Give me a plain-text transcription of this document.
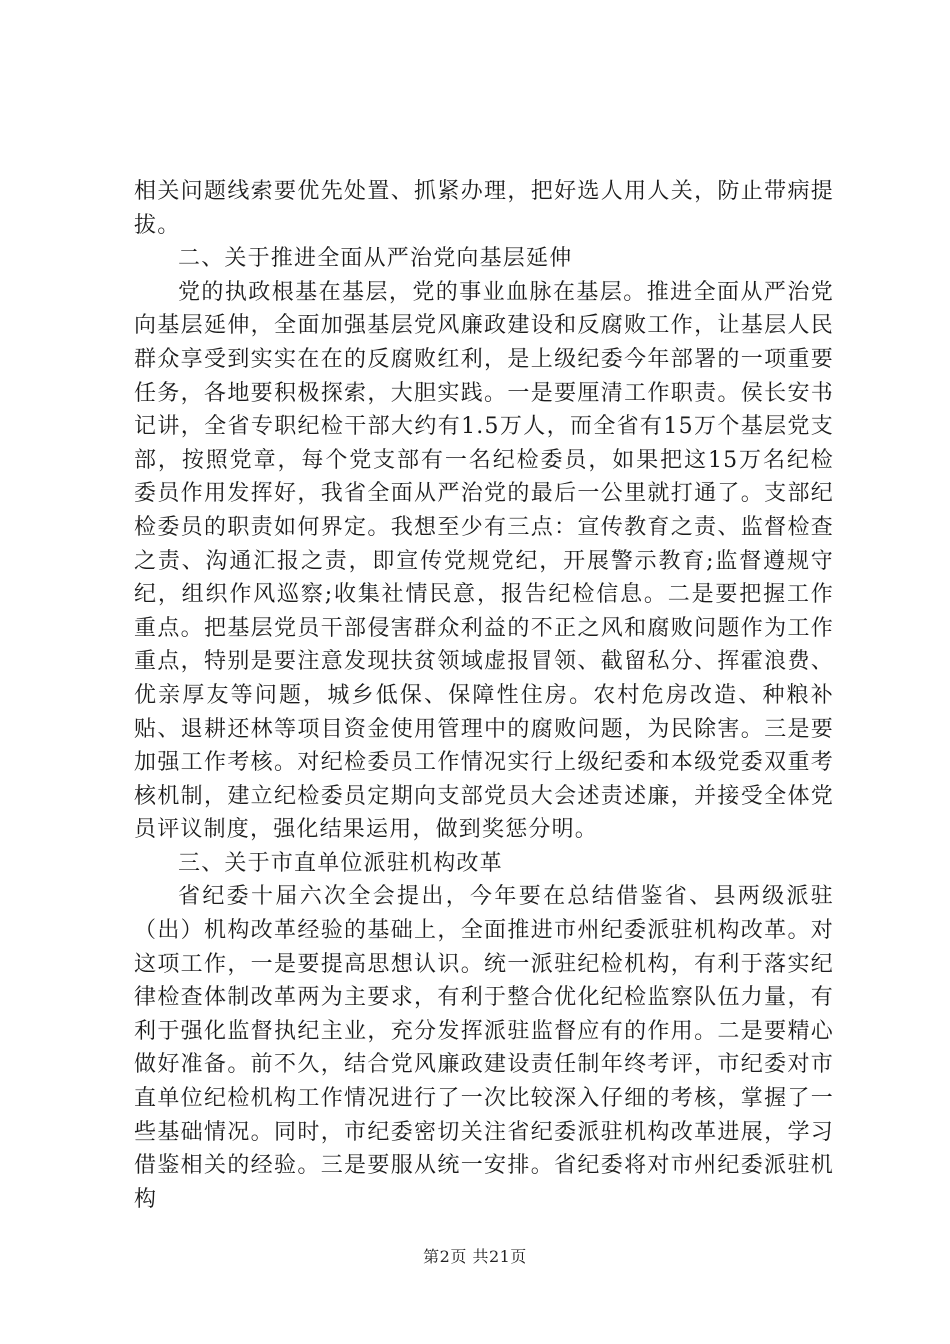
相关问题线索要优先处置、抓紧办理，把好选人用人关，防止带病提拔。

二、关于推进全面从严治党向基层延伸

党的执政根基在基层，党的事业血脉在基层。推进全面从严治党向基层延伸，全面加强基层党风廉政建设和反腐败工作，让基层人民群众享受到实实在在的反腐败红利，是上级纪委今年部署的一项重要任务，各地要积极探索，大胆实践。一是要厘清工作职责。侯长安书记讲，全省专职纪检干部大约有1.5万人，而全省有15万个基层党支部，按照党章，每个党支部有一名纪检委员，如果把这15万名纪检委员作用发挥好，我省全面从严治党的最后一公里就打通了。支部纪检委员的职责如何界定。我想至少有三点：宣传教育之责、监督检查之责、沟通汇报之责，即宣传党规党纪，开展警示教育;监督遵规守纪，组织作风巡察;收集社情民意，报告纪检信息。二是要把握工作重点。把基层党员干部侵害群众利益的不正之风和腐败问题作为工作重点，特别是要注意发现扶贫领域虚报冒领、截留私分、挥霍浪费、优亲厚友等问题，城乡低保、保障性住房。农村危房改造、种粮补贴、退耕还林等项目资金使用管理中的腐败问题，为民除害。三是要加强工作考核。对纪检委员工作情况实行上级纪委和本级党委双重考核机制，建立纪检委员定期向支部党员大会述责述廉，并接受全体党员评议制度，强化结果运用，做到奖惩分明。

三、关于市直单位派驻机构改革

省纪委十届六次全会提出，今年要在总结借鉴省、县两级派驻（出）机构改革经验的基础上，全面推进市州纪委派驻机构改革。对这项工作，一是要提高思想认识。统一派驻纪检机构，有利于落实纪律检查体制改革两为主要求，有利于整合优化纪检监察队伍力量，有利于强化监督执纪主业，充分发挥派驻监督应有的作用。二是要精心做好准备。前不久，结合党风廉政建设责任制年终考评，市纪委对市直单位纪检机构工作情况进行了一次比较深入仔细的考核，掌握了一些基础情况。同时，市纪委密切关注省纪委派驻机构改革进展，学习借鉴相关的经验。三是要服从统一安排。省纪委将对市州纪委派驻机构

第2页 共21页
